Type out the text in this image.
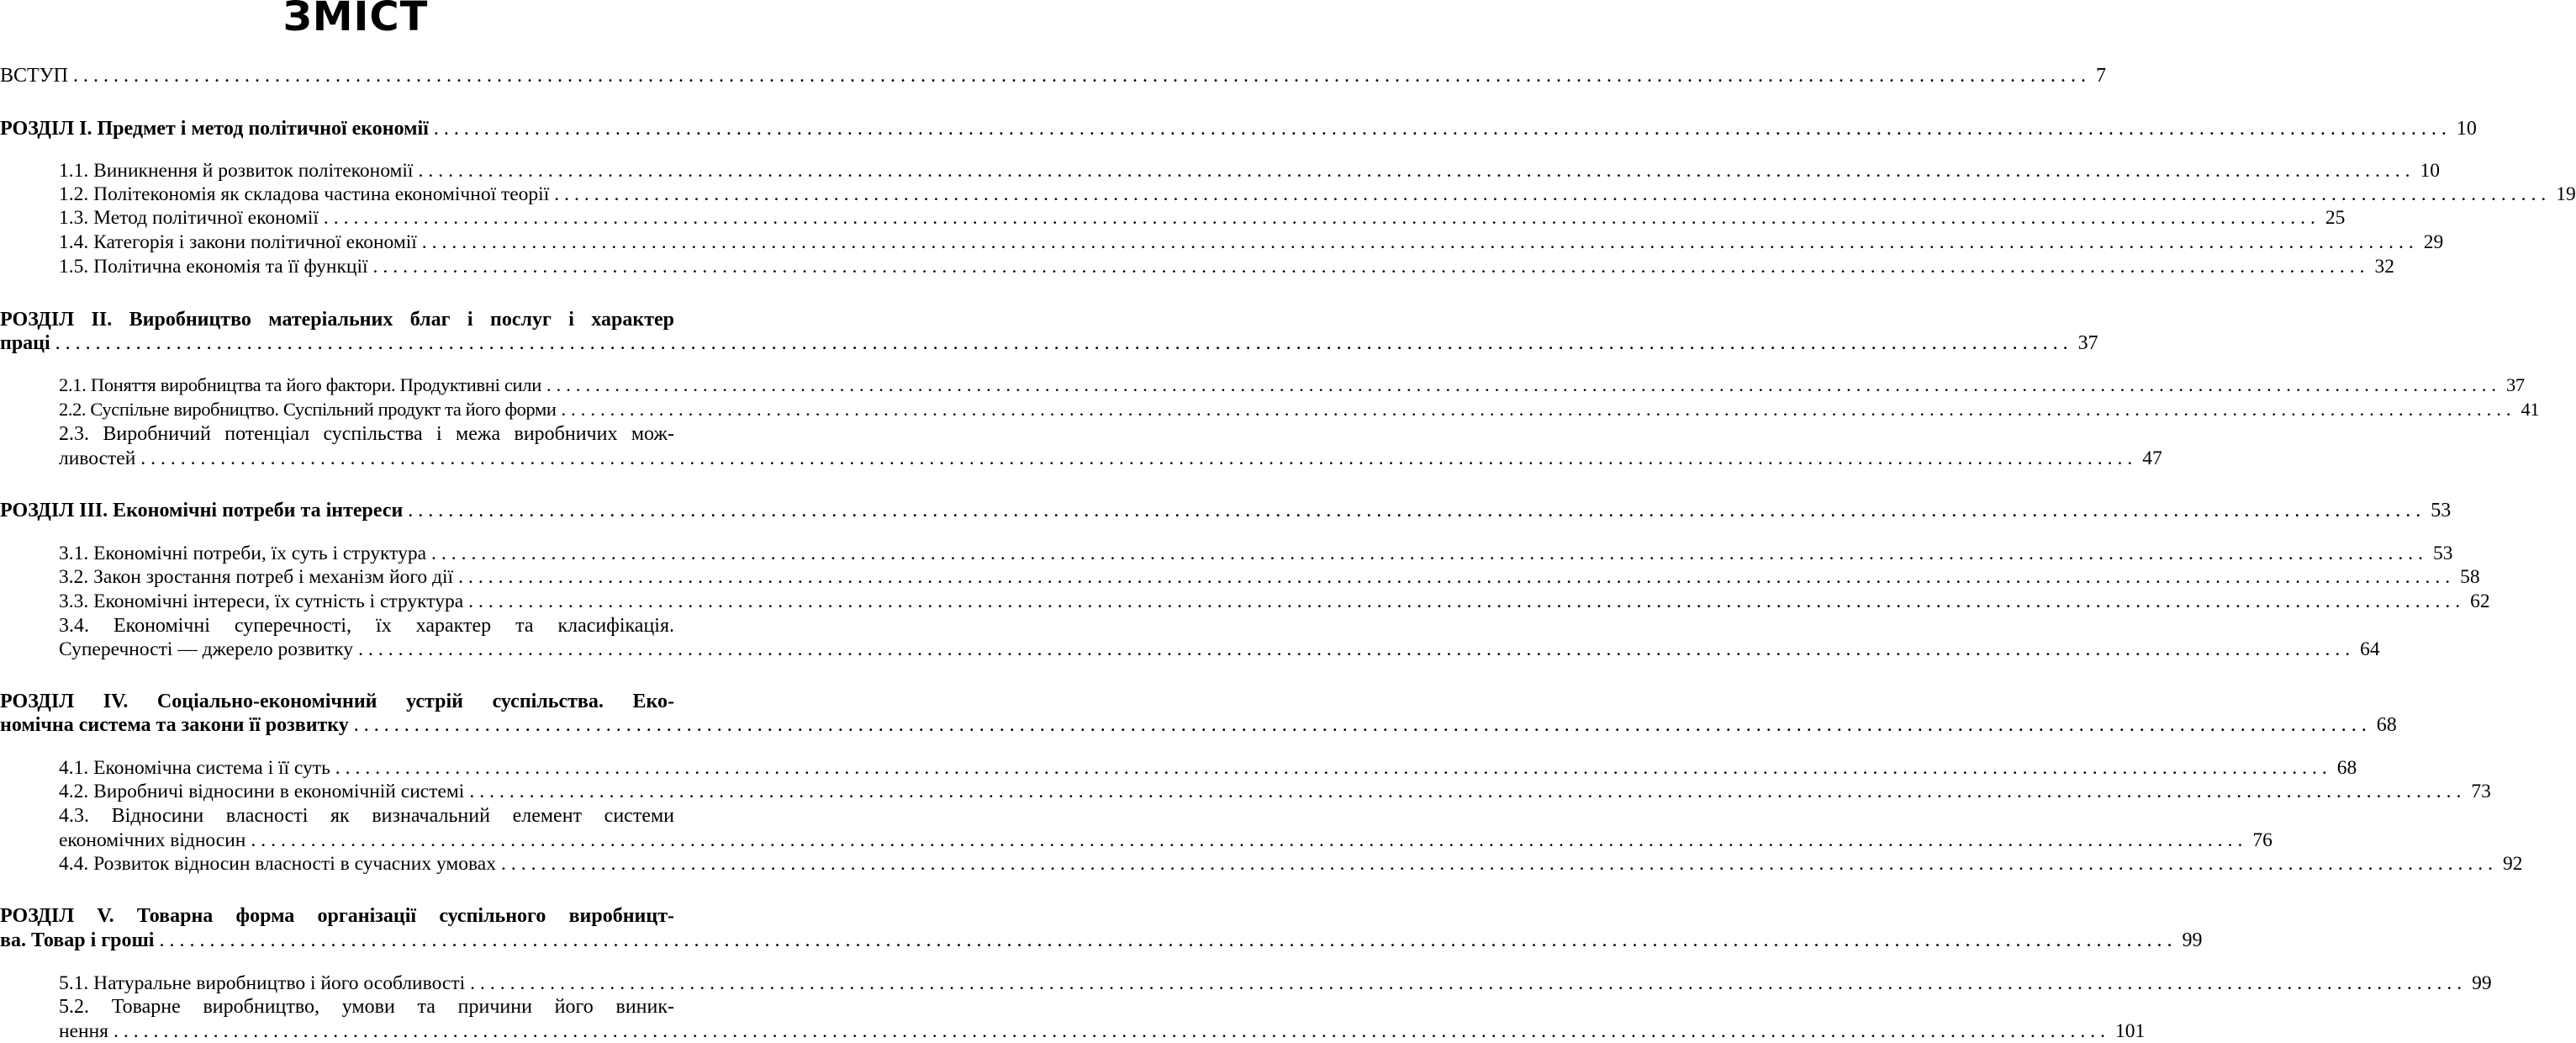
ЗМІСТ
ВСТУП ........................................................................................................................................................................................................ 7
РОЗДІЛ І. Предмет і метод політичної економії ........................................................................................................................................................................................................ 10
1.1. Виникнення й розвиток політекономії ........................................................................................................................................................................................................ 10
1.2. Політекономія як складова частина економічної теорії ........................................................................................................................................................................................................ 19
1.3. Метод політичної економії ........................................................................................................................................................................................................ 25
1.4. Категорія і закони політичної економії ........................................................................................................................................................................................................ 29
1.5. Політична економія та її функції ........................................................................................................................................................................................................ 32
РОЗДІЛ ІІ. Виробництво матеріальних благ і послуг і характер
праці ........................................................................................................................................................................................................ 37
2.1. Поняття виробництва та його фактори. Продуктивні сили ........................................................................................................................................................................................................ 37
2.2. Суспільне виробництво. Суспільний продукт та його форми ........................................................................................................................................................................................................ 41
2.3. Виробничий потенціал суспільства і межа виробничих мож-
ливостей ........................................................................................................................................................................................................ 47
РОЗДІЛ ІІІ. Економічні потреби та інтереси ........................................................................................................................................................................................................ 53
3.1. Економічні потреби, їх суть і структура ........................................................................................................................................................................................................ 53
3.2. Закон зростання потреб і механізм його дії ........................................................................................................................................................................................................ 58
3.3. Економічні інтереси, їх сутність і структура ........................................................................................................................................................................................................ 62
3.4. Економічні суперечності, їх характер та класифікація.
Суперечності — джерело розвитку ........................................................................................................................................................................................................ 64
РОЗДІЛ IV. Соціально-економічний устрій суспільства. Еко-
номічна система та закони її розвитку ........................................................................................................................................................................................................ 68
4.1. Економічна система і її суть ........................................................................................................................................................................................................ 68
4.2. Виробничі відносини в економічній системі ........................................................................................................................................................................................................ 73
4.3. Відносини власності як визначальний елемент системи
економічних відносин ........................................................................................................................................................................................................ 76
4.4. Розвиток відносин власності в сучасних умовах ........................................................................................................................................................................................................ 92
РОЗДІЛ V. Товарна форма організації суспільного виробницт-
ва. Товар і гроші ........................................................................................................................................................................................................ 99
5.1. Натуральне виробництво і його особливості ........................................................................................................................................................................................................ 99
5.2. Товарне виробництво, умови та причини його виник-
нення ........................................................................................................................................................................................................ 101
